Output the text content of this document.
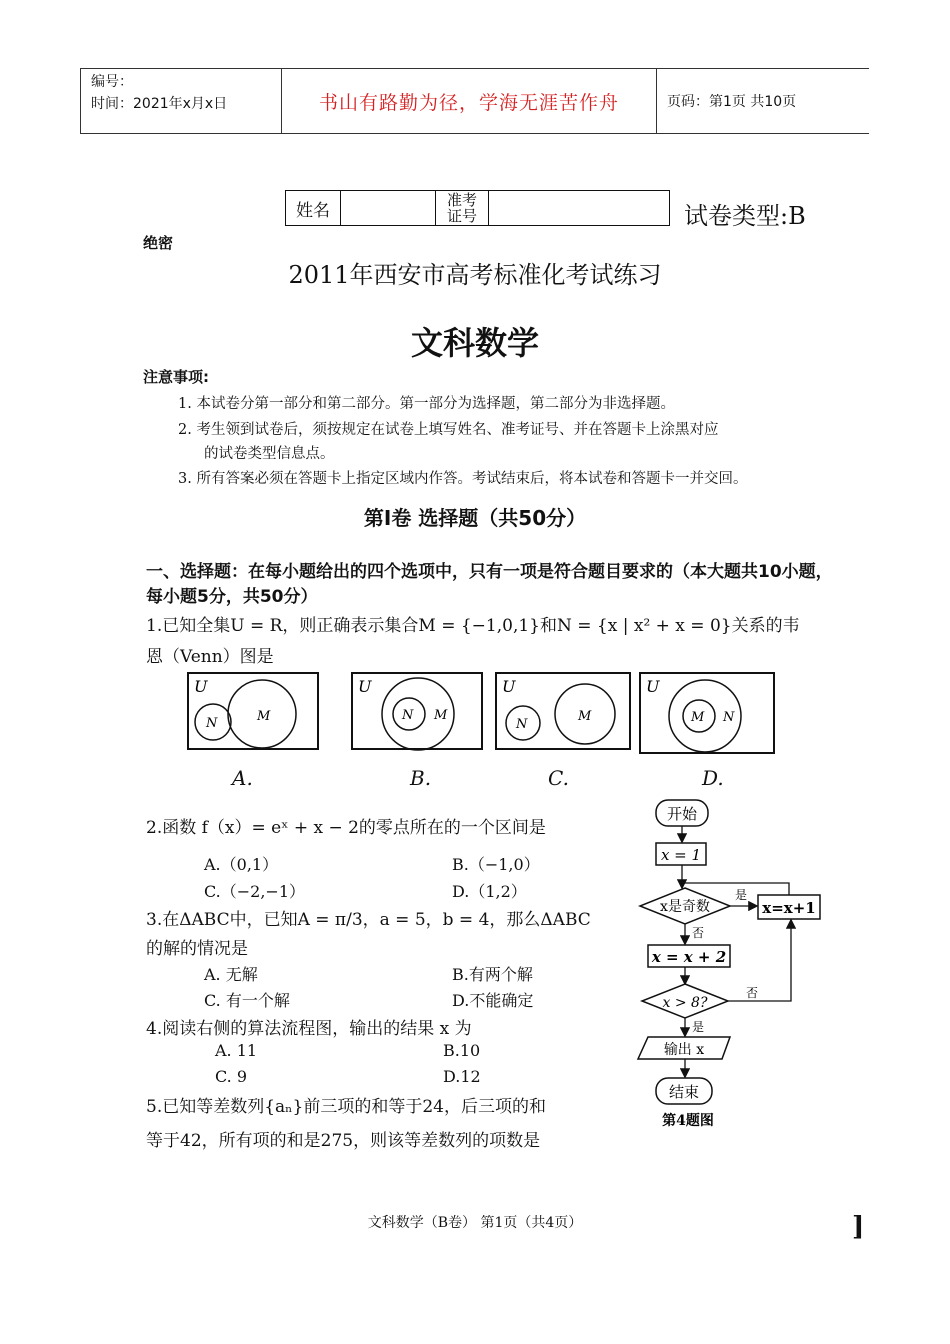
编号：
时间：2021年x月x日	书山有路勤为径，学海无涯苦作舟	页码：第1页 共10页
姓名
准考
证号	试卷类型:B
绝密
2011年西安市高考标准化考试练习
文科数学
注意事项:
1. 本试卷分第一部分和第二部分。第一部分为选择题，第二部分为非选择题。
2. 考生领到试卷后，须按规定在试卷上填写姓名、准考证号、并在答题卡上涂黑对应
的试卷类型信息点。
3. 所有答案必须在答题卡上指定区域内作答。考试结束后，将本试卷和答题卡一并交回。
第Ⅰ卷 选择题（共50分）
一、选择题：在每小题给出的四个选项中，只有一项是符合题目要求的（本大题共10小题，每小题5分，共50分）
1.已知全集U = R，则正确表示集合M = {−1,0,1}和N = {x | x² + x = 0}关系的韦
恩（Venn）图是
U
N	M
U
N M
U
N
M
U
M N
A.	B.	C.	D.
2.函数 f（x）= eˣ + x − 2的零点所在的一个区间是
A.（0,1）	B.（−1,0）
C.（−2,−1）	D.（1,2）
3.在ΔABC中，已知A = π/3，a = 5，b = 4，那么ΔABC
的解的情况是
A. 无解	B.有两个解
C. 有一个解	D.不能确定
4.阅读右侧的算法流程图，输出的结果 x 为
A. 11	B.10
C. 9	D.12
5.已知等差数列{aₙ}前三项的和等于24，后三项的和
等于42，所有项的和是275，则该等差数列的项数是
开始
x = 1
x是奇数
是
x=x+1
否
x = x + 2
x > 8?
否
是
输出 x
结束
第4题图
文科数学（B卷） 第1页（共4页）	]
